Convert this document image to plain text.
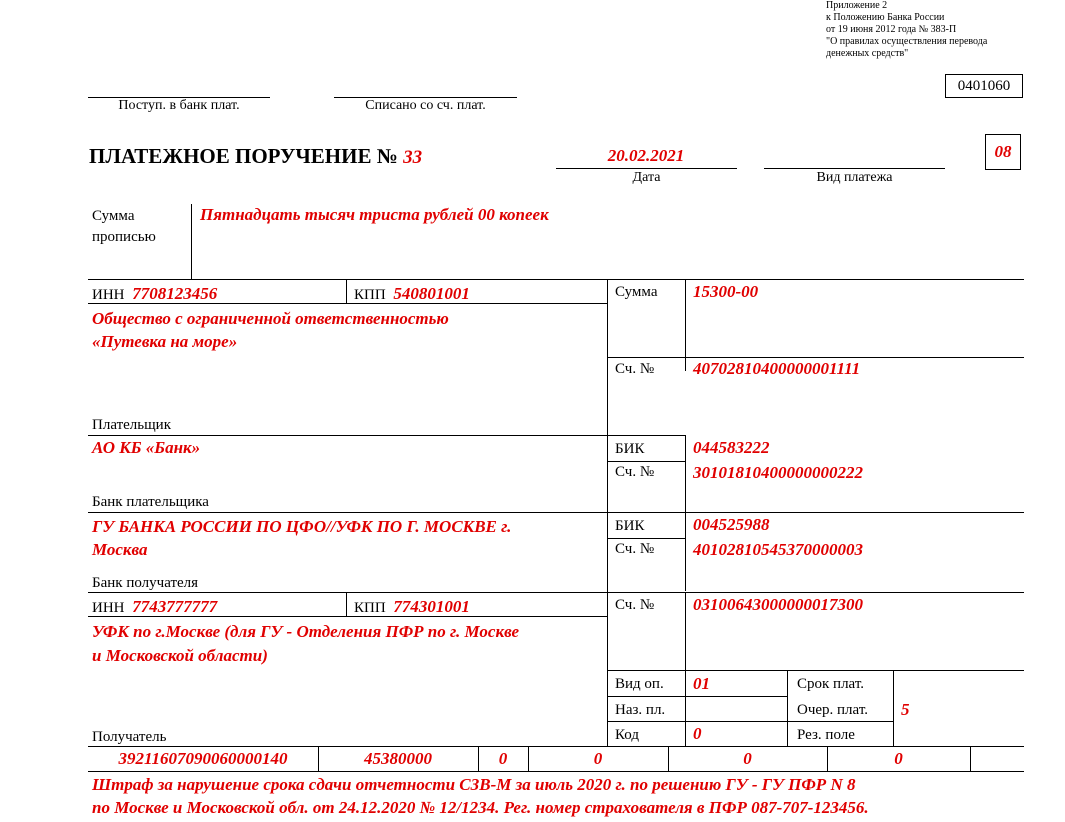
Приложение 2
к Положению Банка России
от 19 июня 2012 года № 383-П
"О правилах осуществления перевода
денежных средств"
0401060
Поступ. в банк плат.	Списано со сч. плат.
ПЛАТЕЖНОЕ ПОРУЧЕНИЕ № 33	20.02.2021
Дата	Вид платежа
08
Сумма
прописью
Пятнадцать тысяч триста рублей 00 копеек
ИНН 7708123456	КПП 540801001
Общество с ограниченной ответственностью
«Путевка на море»
Плательщик
Сумма 15300-00
Сч. № 40702810400000001111
АО КБ «Банк»
Банк плательщика
БИК	044583222
Сч. № 30101810400000000222
ГУ БАНКА РОССИИ ПО ЦФО//УФК ПО Г. МОСКВЕ г.
Москва
Банк получателя
БИК	004525988
Сч. № 40102810545370000003
ИНН 7743777777	КПП 774301001
УФК по г.Москве (для ГУ - Отделения ПФР по г. Москве
и Московской области)
Получатель
Сч. № 03100643000000017300
Вид оп. 01
Наз. пл.
Код	0
Срок плат.
Очер. плат. 5
Рез. поле
39211607090060000140	45380000	0	0	0	0
Штраф за нарушение срока сдачи отчетности СЗВ-М за июль 2020 г. по решению ГУ - ГУ ПФР N 8
по Москве и Московской обл. от 24.12.2020 № 12/1234. Рег. номер страхователя в ПФР 087-707-123456.
